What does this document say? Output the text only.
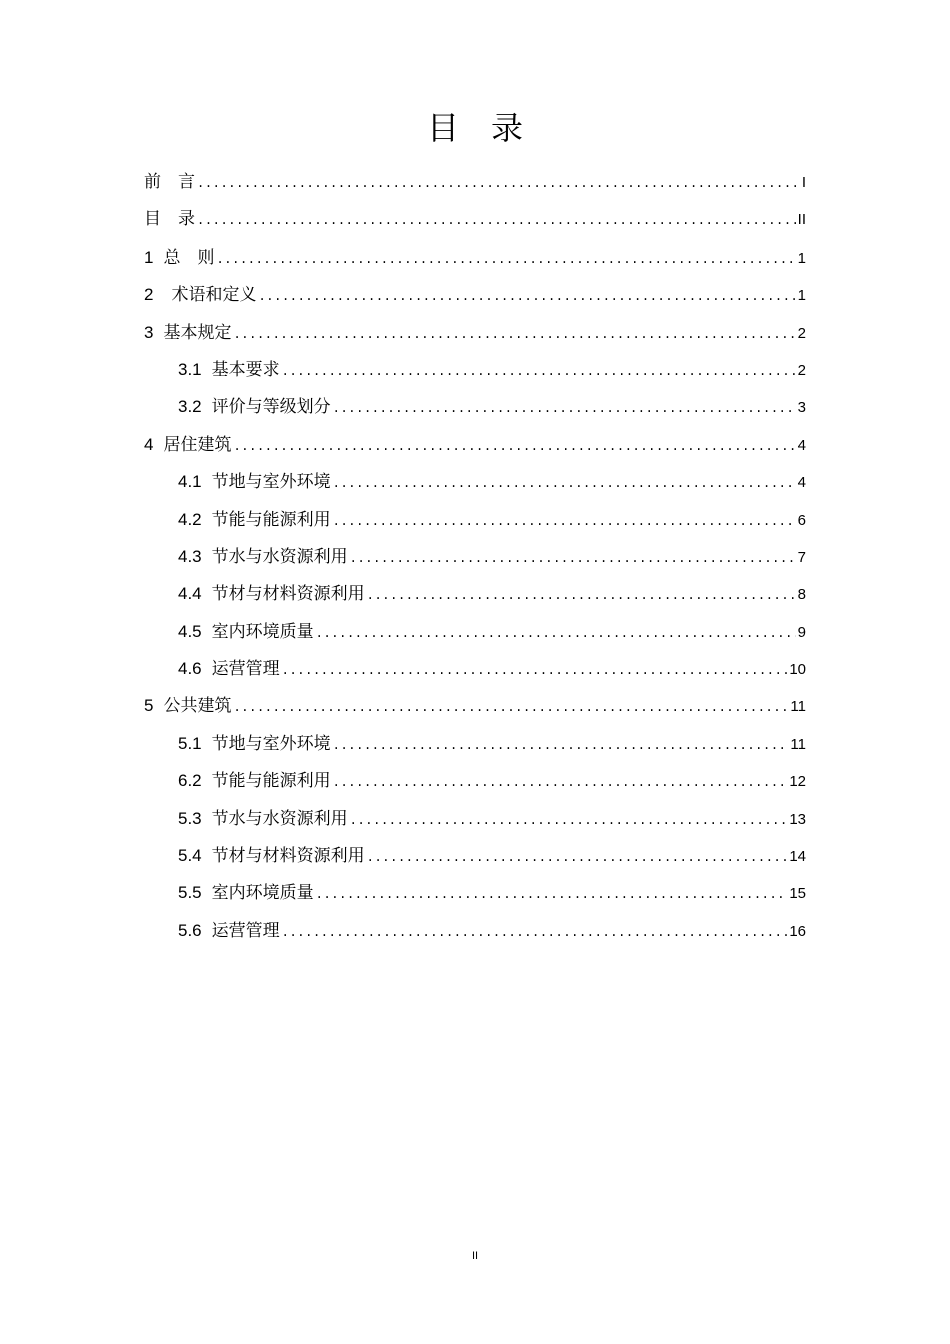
目　录
前　言 .....	I
目　录 .....	II
1 总　则 .....	1
2 术语和定义 .....	1
3 基本规定 .....	2
3.1 基本要求 .....	2
3.2 评价与等级划分 .....	3
4 居住建筑 .....	4
4.1 节地与室外环境 .....	4
4.2 节能与能源利用 .....	6
4.3 节水与水资源利用 .....	7
4.4 节材与材料资源利用 .....	8
4.5 室内环境质量 .....	9
4.6 运营管理 .....	10
5 公共建筑 .....	11
5.1 节地与室外环境 .....	11
6.2 节能与能源利用 .....	12
5.3 节水与水资源利用 .....	13
5.4 节材与材料资源利用 .....	14
5.5 室内环境质量 .....	15
5.6 运营管理 .....	16
II
